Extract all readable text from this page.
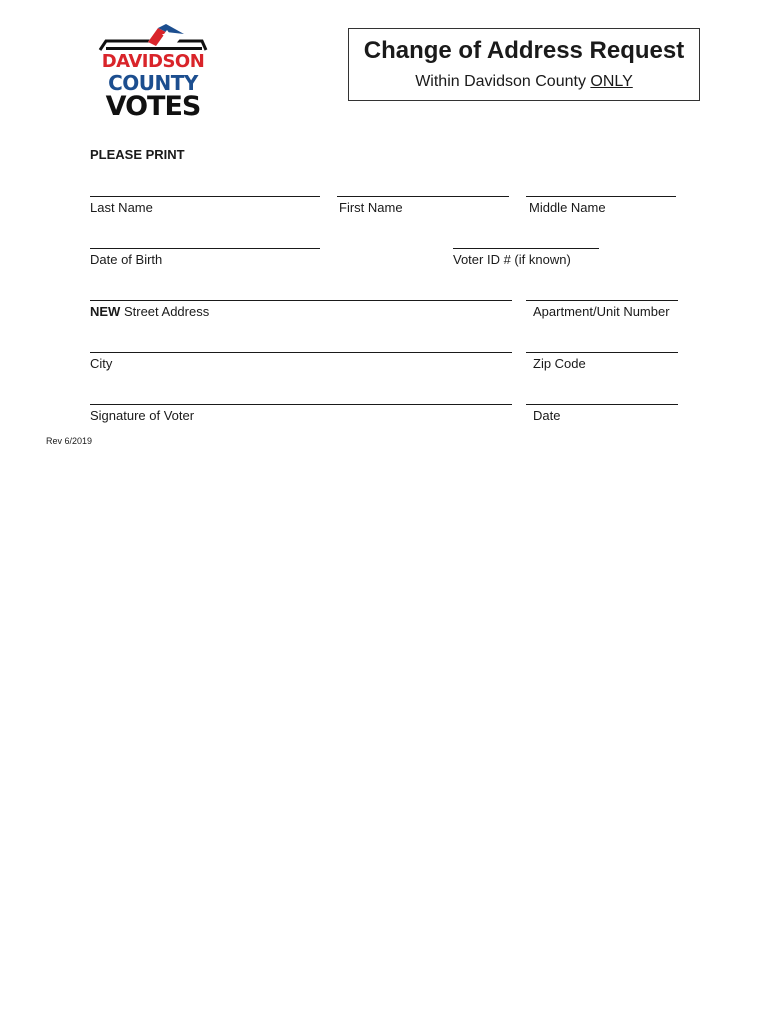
DAVIDSON
COUNTY
VOTES
Change of Address Request
Within Davidson County ONLY
PLEASE PRINT
Last Name	First Name	Middle Name
Date of Birth	Voter ID # (if known)
NEW Street Address	Apartment/Unit Number
City	Zip Code
Signature of Voter	Date
Rev 6/2019
